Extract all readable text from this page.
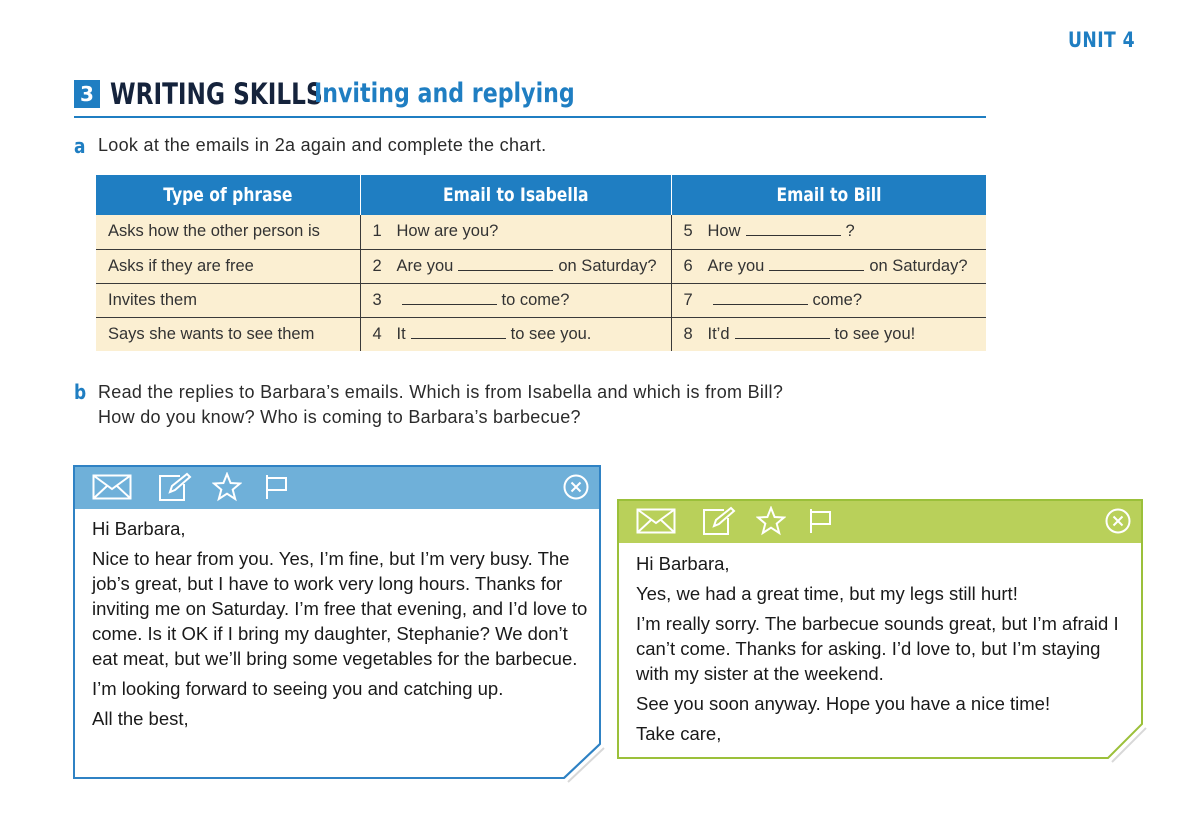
UNIT 4
3 WRITING SKILLS
Inviting and replying
a Look at the emails in 2a again and complete the chart.
Type of phrase	Email to Isabella	Email to Bill
Asks how the other person is	1 How are you?	5 How ?
Asks if they are free	2 Are you on Saturday?	6 Are you on Saturday?
Invites them	3 to come?	7 come?
Says she wants to see them	4 It to see you.	8 It’d to see you!
b Read the replies to Barbara’s emails. Which is from Isabella and which is from Bill?
How do you know? Who is coming to Barbara’s barbecue?

Hi Barbara,

Nice to hear from you. Yes, I’m fine, but I’m very busy. The job’s great, but I have to work very long hours. Thanks for inviting me on Saturday. I’m free that evening, and I’d love to come. Is it OK if I bring my daughter, Stephanie? We don’t eat meat, but we’ll bring some vegetables for the barbecue.

I’m looking forward to seeing you and catching up.

All the best,

Hi Barbara,

Yes, we had a great time, but my legs still hurt!

I’m really sorry. The barbecue sounds great, but I’m afraid I can’t come. Thanks for asking. I’d love to, but I’m staying with my sister at the weekend.

See you soon anyway. Hope you have a nice time!

Take care,
